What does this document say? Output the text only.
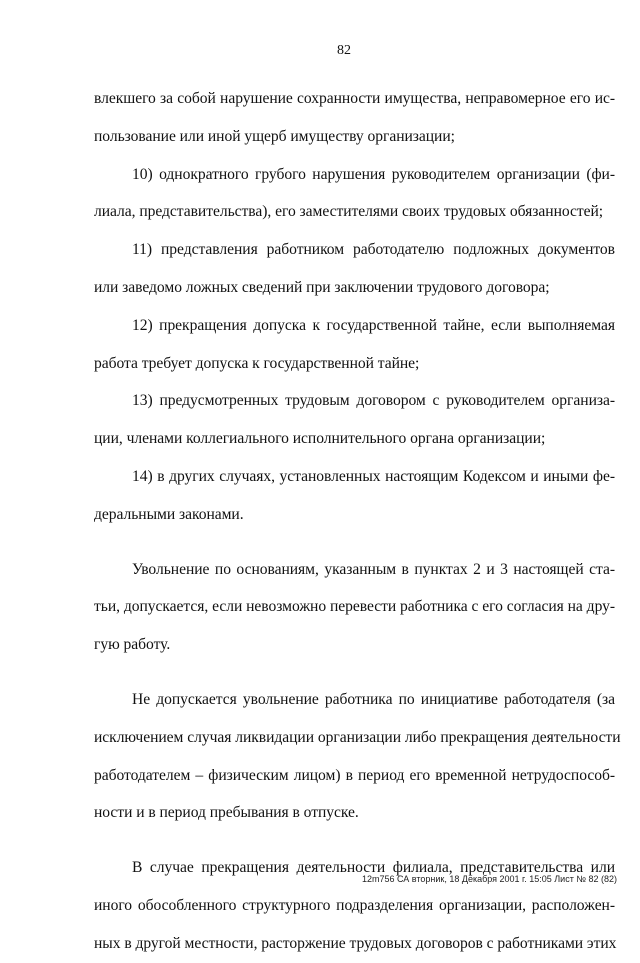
82
влекшего за собой нарушение сохранности имущества, неправомерное его ис-
пользование или иной ущерб имуществу организации;
10) однократного грубого нарушения руководителем организации (фи-
лиала, представительства), его заместителями своих трудовых обязанностей;
11) представления работником работодателю подложных документов
или заведомо ложных сведений при заключении трудового договора;
12) прекращения допуска к государственной тайне, если выполняемая
работа требует допуска к государственной тайне;
13) предусмотренных трудовым договором с руководителем организа-
ции, членами коллегиального исполнительного органа организации;
14) в других случаях, установленных настоящим Кодексом и иными фе-
деральными законами.
Увольнение по основаниям, указанным в пунктах 2 и 3 настоящей ста-
тьи, допускается, если невозможно перевести работника с его согласия на дру-
гую работу.
Не допускается увольнение работника по инициативе работодателя (за
исключением случая ликвидации организации либо прекращения деятельности
работодателем – физическим лицом) в период его временной нетрудоспособ-
ности и в период пребывания в отпуске.
В случае прекращения деятельности филиала, представительства или
иного обособленного структурного подразделения организации, расположен-
ных в другой местности, расторжение трудовых договоров с работниками этих
12m756 СА вторник, 18 Декабря 2001 г. 15:05 Лист № 82 (82)
